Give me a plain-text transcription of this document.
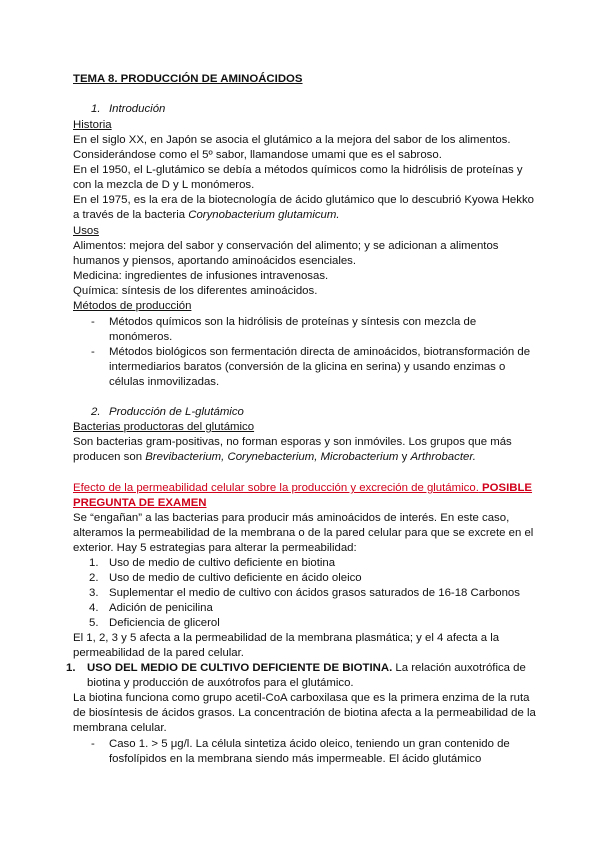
TEMA 8. PRODUCCIÓN DE AMINOÁCIDOS
1. Introdución
Historia
En el siglo XX, en Japón se asocia el glutámico a la mejora del sabor de los alimentos.
Considerándose como el 5º sabor, llamandose umami que es el sabroso.
En el 1950, el L-glutámico se debía a métodos químicos como la hidrólisis de proteínas y
con la mezcla de D y L monómeros.
En el 1975, es la era de la biotecnología de ácido glutámico que lo descubrió Kyowa Hekko
a través de la bacteria Corynobacterium glutamicum.
Usos
Alimentos: mejora del sabor y conservación del alimento; y se adicionan a alimentos
humanos y piensos, aportando aminoácidos esenciales.
Medicina: ingredientes de infusiones intravenosas.
Química: síntesis de los diferentes aminoácidos.
Métodos de producción
- Métodos químicos son la hidrólisis de proteínas y síntesis con mezcla de
monómeros.
- Métodos biológicos son fermentación directa de aminoácidos, biotransformación de
intermediarios baratos (conversión de la glicina en serina) y usando enzimas o
células inmovilizadas.
2. Producción de L-glutámico
Bacterias productoras del glutámico
Son bacterias gram-positivas, no forman esporas y son inmóviles. Los grupos que más
producen son Brevibacterium, Corynebacterium, Microbacterium y Arthrobacter.
Efecto de la permeabilidad celular sobre la producción y excreción de glutámico. POSIBLE
PREGUNTA DE EXAMEN
Se “engañan” a las bacterias para producir más aminoácidos de interés. En este caso,
alteramos la permeabilidad de la membrana o de la pared celular para que se excrete en el
exterior. Hay 5 estrategias para alterar la permeabilidad:
1. Uso de medio de cultivo deficiente en biotina
2. Uso de medio de cultivo deficiente en ácido oleico
3. Suplementar el medio de cultivo con ácidos grasos saturados de 16-18 Carbonos
4. Adición de penicilina
5. Deficiencia de glicerol
El 1, 2, 3 y 5 afecta a la permeabilidad de la membrana plasmática; y el 4 afecta a la
permeabilidad de la pared celular.
1. USO DEL MEDIO DE CULTIVO DEFICIENTE DE BIOTINA. La relación auxotrófica de
biotina y producción de auxótrofos para el glutámico.
La biotina funciona como grupo acetil-CoA carboxilasa que es la primera enzima de la ruta
de biosíntesis de ácidos grasos. La concentración de biotina afecta a la permeabilidad de la
membrana celular.
- Caso 1. > 5 μg/l. La célula sintetiza ácido oleico, teniendo un gran contenido de
fosfolípidos en la membrana siendo más impermeable. El ácido glutámico
